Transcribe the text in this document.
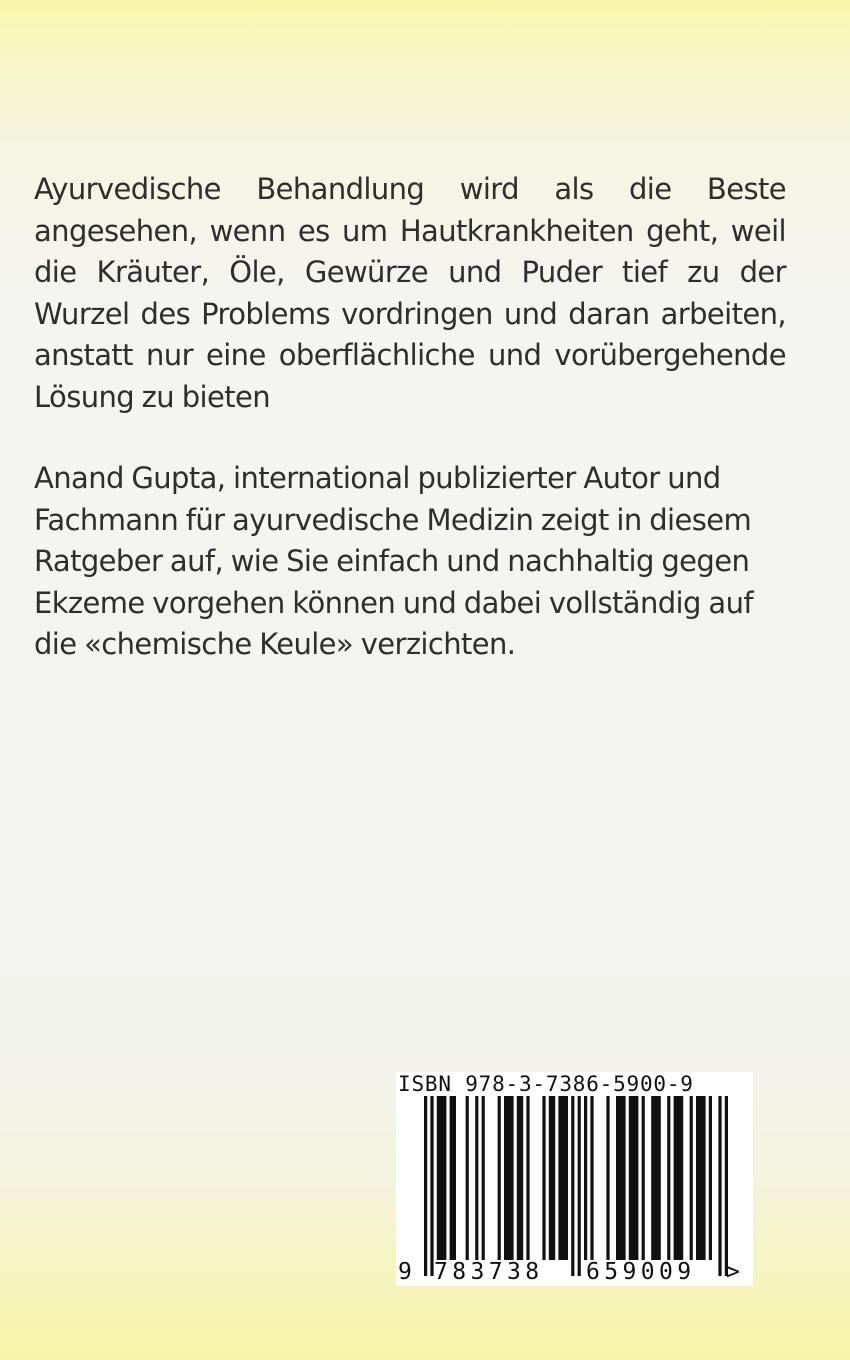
Ayurvedische Behandlung wird als die Beste angesehen, wenn es um Hautkrankheiten geht, weil die Kräuter, Öle, Gewürze und Puder tief zu der Wurzel des Problems vordringen und daran arbeiten, anstatt nur eine oberflächliche und vorübergehende Lösung zu bieten

Anand Gupta, international publizierter Autor und Fachmann für ayurvedische Medizin zeigt in diesem Ratgeber auf, wie Sie einfach und nachhaltig gegen Ekzeme vorgehen können und dabei vollständig auf die «chemische Keule» verzichten.

ISBN 978-3-7386-5900-9
9 783738 659009 >
